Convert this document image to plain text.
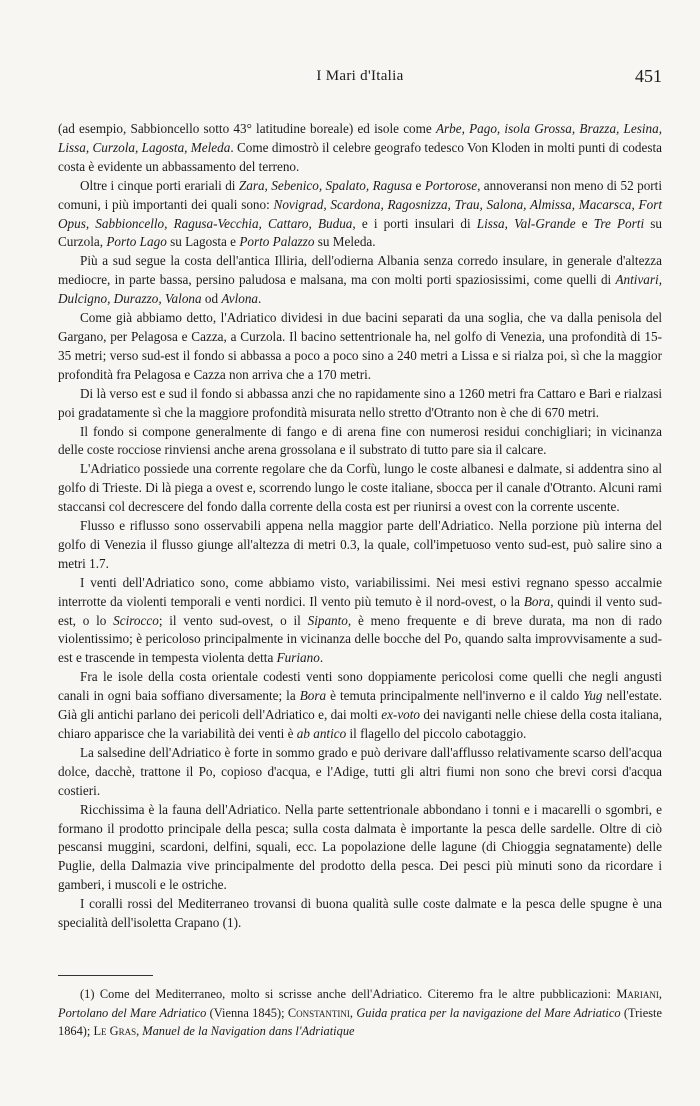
I Mari d'Italia	451

(ad esempio, Sabbioncello sotto 43° latitudine boreale) ed isole come Arbe, Pago, isola Grossa, Brazza, Lesina, Lissa, Curzola, Lagosta, Meleda. Come dimostrò il celebre geografo tedesco Von Kloden in molti punti di codesta costa è evidente un abbassamento del terreno.

Oltre i cinque porti erariali di Zara, Sebenico, Spalato, Ragusa e Portorose, annoveransi non meno di 52 porti comuni, i più importanti dei quali sono: Novigrad, Scardona, Ragosnizza, Trau, Salona, Almissa, Macarsca, Fort Opus, Sabbioncello, Ragusa-Vecchia, Cattaro, Budua, e i porti insulari di Lissa, Val-Grande e Tre Porti su Curzola, Porto Lago su Lagosta e Porto Palazzo su Meleda.

Più a sud segue la costa dell'antica Illiria, dell'odierna Albania senza corredo insulare, in generale d'altezza mediocre, in parte bassa, persino paludosa e malsana, ma con molti porti spaziosissimi, come quelli di Antivari, Dulcigno, Durazzo, Valona od Avlona.

Come già abbiamo detto, l'Adriatico dividesi in due bacini separati da una soglia, che va dalla penisola del Gargano, per Pelagosa e Cazza, a Curzola. Il bacino settentrionale ha, nel golfo di Venezia, una profondità di 15-35 metri; verso sud-est il fondo si abbassa a poco a poco sino a 240 metri a Lissa e si rialza poi, sì che la maggior profondità fra Pelagosa e Cazza non arriva che a 170 metri.

Di là verso est e sud il fondo si abbassa anzi che no rapidamente sino a 1260 metri fra Cattaro e Bari e rialzasi poi gradatamente sì che la maggiore profondità misurata nello stretto d'Otranto non è che di 670 metri.

Il fondo si compone generalmente di fango e di arena fine con numerosi residui conchigliari; in vicinanza delle coste rocciose rinviensi anche arena grossolana e il substrato di tutto pare sia il calcare.

L'Adriatico possiede una corrente regolare che da Corfù, lungo le coste albanesi e dalmate, si addentra sino al golfo di Trieste. Di là piega a ovest e, scorrendo lungo le coste italiane, sbocca per il canale d'Otranto. Alcuni rami staccansi col decrescere del fondo dalla corrente della costa est per riunirsi a ovest con la corrente uscente.

Flusso e riflusso sono osservabili appena nella maggior parte dell'Adriatico. Nella porzione più interna del golfo di Venezia il flusso giunge all'altezza di metri 0.3, la quale, coll'impetuoso vento sud-est, può salire sino a metri 1.7.

I venti dell'Adriatico sono, come abbiamo visto, variabilissimi. Nei mesi estivi regnano spesso accalmie interrotte da violenti temporali e venti nordici. Il vento più temuto è il nord-ovest, o la Bora, quindi il vento sud-est, o lo Scirocco; il vento sud-ovest, o il Sipanto, è meno frequente e di breve durata, ma non di rado violentissimo; è pericoloso principalmente in vicinanza delle bocche del Po, quando salta improvvisamente a sud-est e trascende in tempesta violenta detta Furiano.

Fra le isole della costa orientale codesti venti sono doppiamente pericolosi come quelli che negli angusti canali in ogni baia soffiano diversamente; la Bora è temuta principalmente nell'inverno e il caldo Yug nell'estate. Già gli antichi parlano dei pericoli dell'Adriatico e, dai molti ex-voto dei naviganti nelle chiese della costa italiana, chiaro apparisce che la variabilità dei venti è ab antico il flagello del piccolo cabotaggio.

La salsedine dell'Adriatico è forte in sommo grado e può derivare dall'afflusso relativamente scarso dell'acqua dolce, dacchè, trattone il Po, copioso d'acqua, e l'Adige, tutti gli altri fiumi non sono che brevi corsi d'acqua costieri.

Ricchissima è la fauna dell'Adriatico. Nella parte settentrionale abbondano i tonni e i macarelli o sgombri, e formano il prodotto principale della pesca; sulla costa dalmata è importante la pesca delle sardelle. Oltre di ciò pescansi muggini, scardoni, delfini, squali, ecc. La popolazione delle lagune (di Chioggia segnatamente) delle Puglie, della Dalmazia vive principalmente del prodotto della pesca. Dei pesci più minuti sono da ricordare i gamberi, i muscoli e le ostriche.

I coralli rossi del Mediterraneo trovansi di buona qualità sulle coste dalmate e la pesca delle spugne è una specialità dell'isoletta Crapano (1).

(1) Come del Mediterraneo, molto si scrisse anche dell'Adriatico. Citeremo fra le altre pubblicazioni: Mariani, Portolano del Mare Adriatico (Vienna 1845); Constantini, Guida pratica per la navigazione del Mare Adriatico (Trieste 1864); Le Gras, Manuel de la Navigation dans l'Adriatique
